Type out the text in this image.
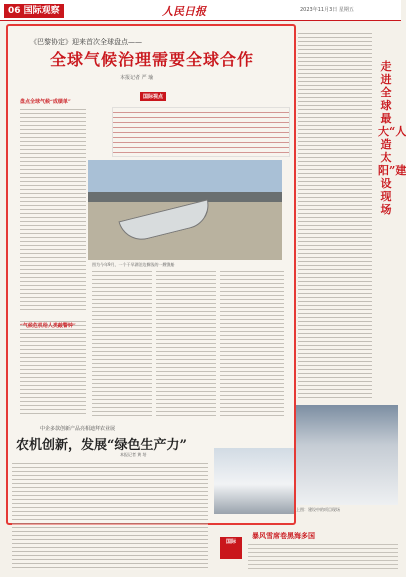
06 国际观察	人民日报	2023年11月3日 星期五
《巴黎协定》迎来首次全球盘点——
全球气候治理需要全球合作
本报记者 严 瑜
国际视点
盘点全球气候“成绩单”
图为今年9月，一个干旱湖泊边搁浅的一艘渔船
“气候危机给人类敲警钟”
走进全球最大“人造太阳”建设现场
上图：建设中的项目现场
中企多款创新产品亮相迪拜农业展
农机创新，发展“绿色生产力”
本报记者 黄 培
国际
暴风雪席卷黑海多国
